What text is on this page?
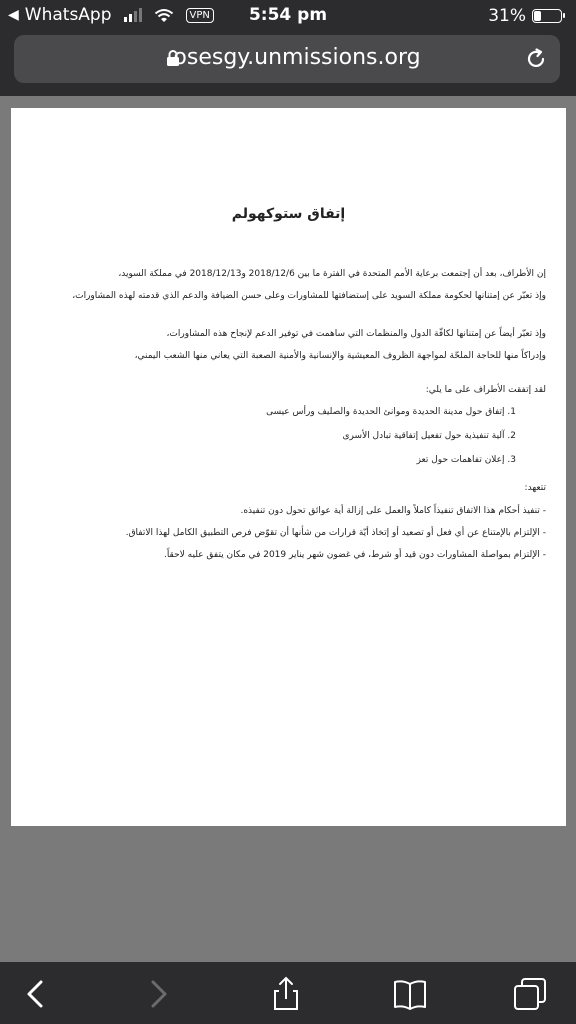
◀ WhatsApp	VPN	5:54 pm	31%
osesgy.unmissions.org
إتفاق ستوكهولم
إن الأطراف، بعد أن إجتمعت برعاية الأمم المتحدة في الفترة ما بين 2018/12/6 و2018/12/13 في مملكة السويد،
وإذ تعبّر عن إمتنانها لحكومة مملكة السويد على إستضافتها للمشاورات وعلى حسن الضيافة والدعم الذي قدمته لهذه المشاورات،
وإذ تعبّر أيضاً عن إمتنانها لكافّة الدول والمنظمات التي ساهمت في توفير الدعم لإنجاح هذه المشاورات،
وإدراكاً منها للحاجة الملحّة لمواجهة الظروف المعيشية والإنسانية والأمنية الصعبة التي يعاني منها الشعب اليمني،
لقد إتفقت الأطراف على ما يلي:
1. إتفاق حول مدينة الحديدة وموانئ الحديدة والصليف ورأس عيسى
2. آلية تنفيذية حول تفعيل إتفاقية تبادل الأسرى
3. إعلان تفاهمات حول تعز
تتعهد:
- تنفيذ أحكام هذا الاتفاق تنفيذاً كاملاً والعمل على إزالة أية عوائق تحول دون تنفيذه.
- الإلتزام بالإمتناع عن أي فعل أو تصعيد أو إتخاذ أيّة قرارات من شأنها أن تقوّض فرص التطبيق الكامل لهذا الاتفاق.
- الإلتزام بمواصلة المشاورات دون قيد أو شرط، في غضون شهر يناير 2019 في مكان يتفق عليه لاحقاً.
